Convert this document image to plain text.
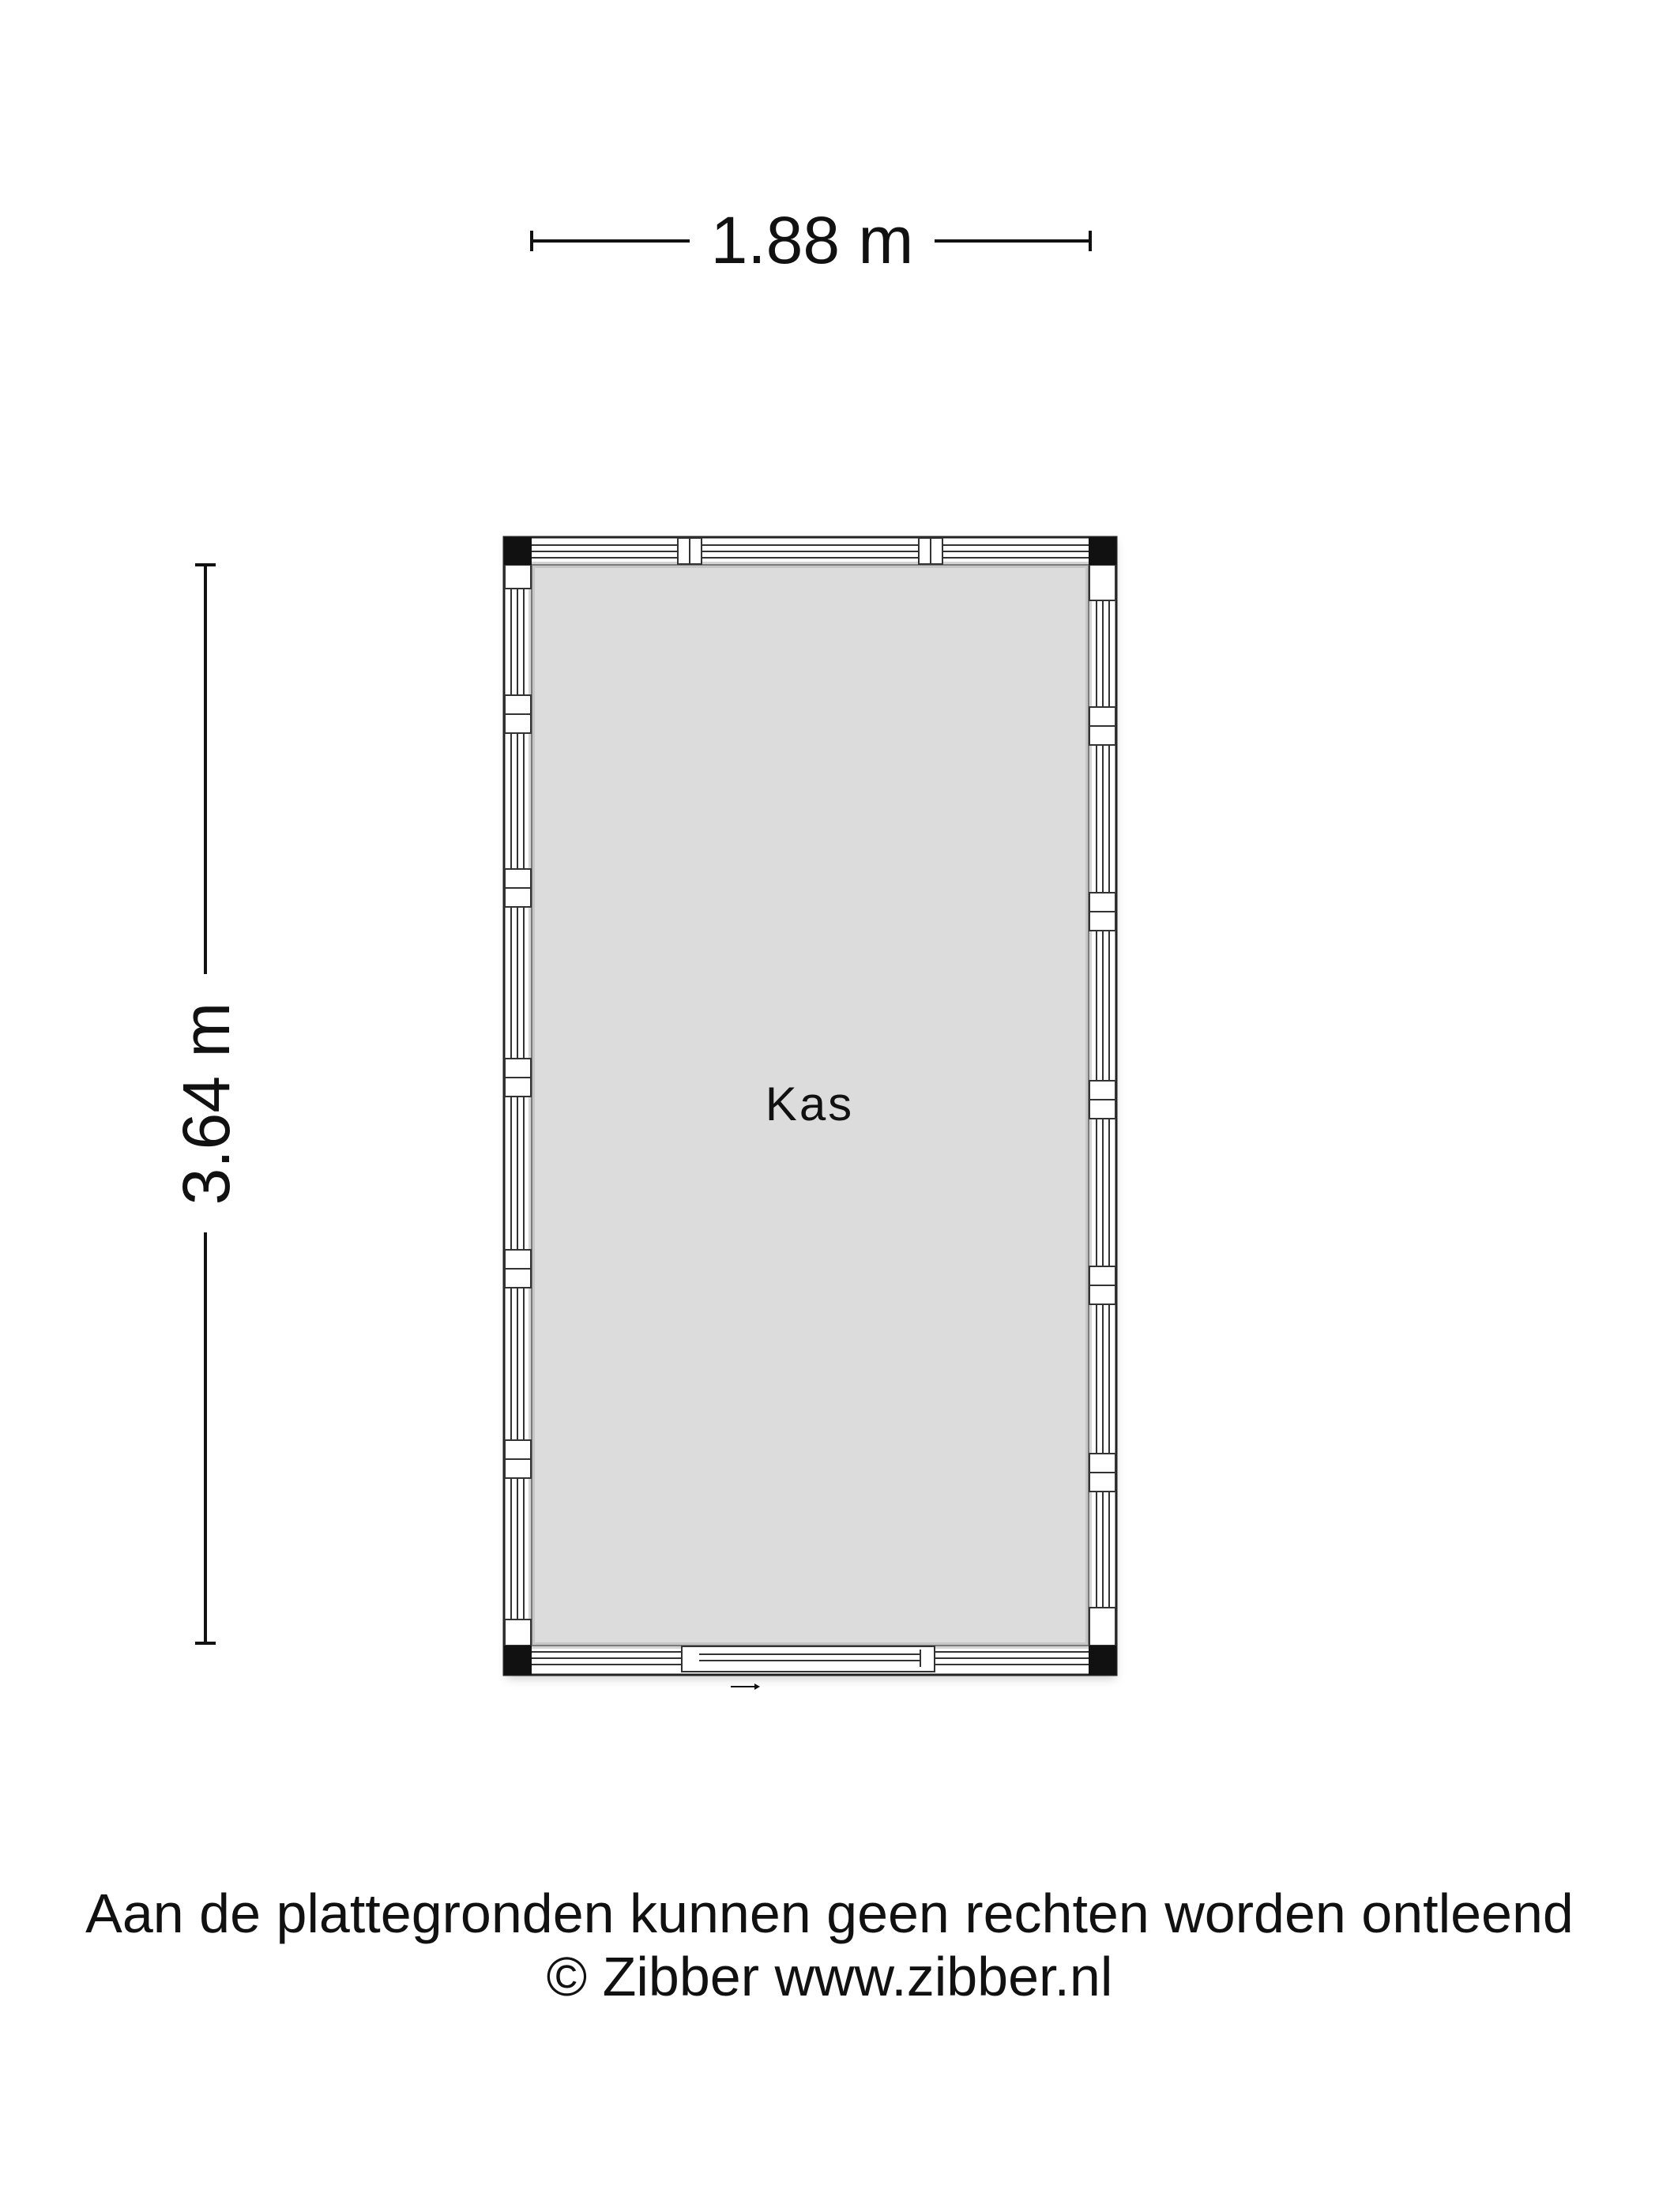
1.88 m
3.64 m	Kas
Aan de plattegronden kunnen geen rechten worden ontleend
© Zibber www.zibber.nl
